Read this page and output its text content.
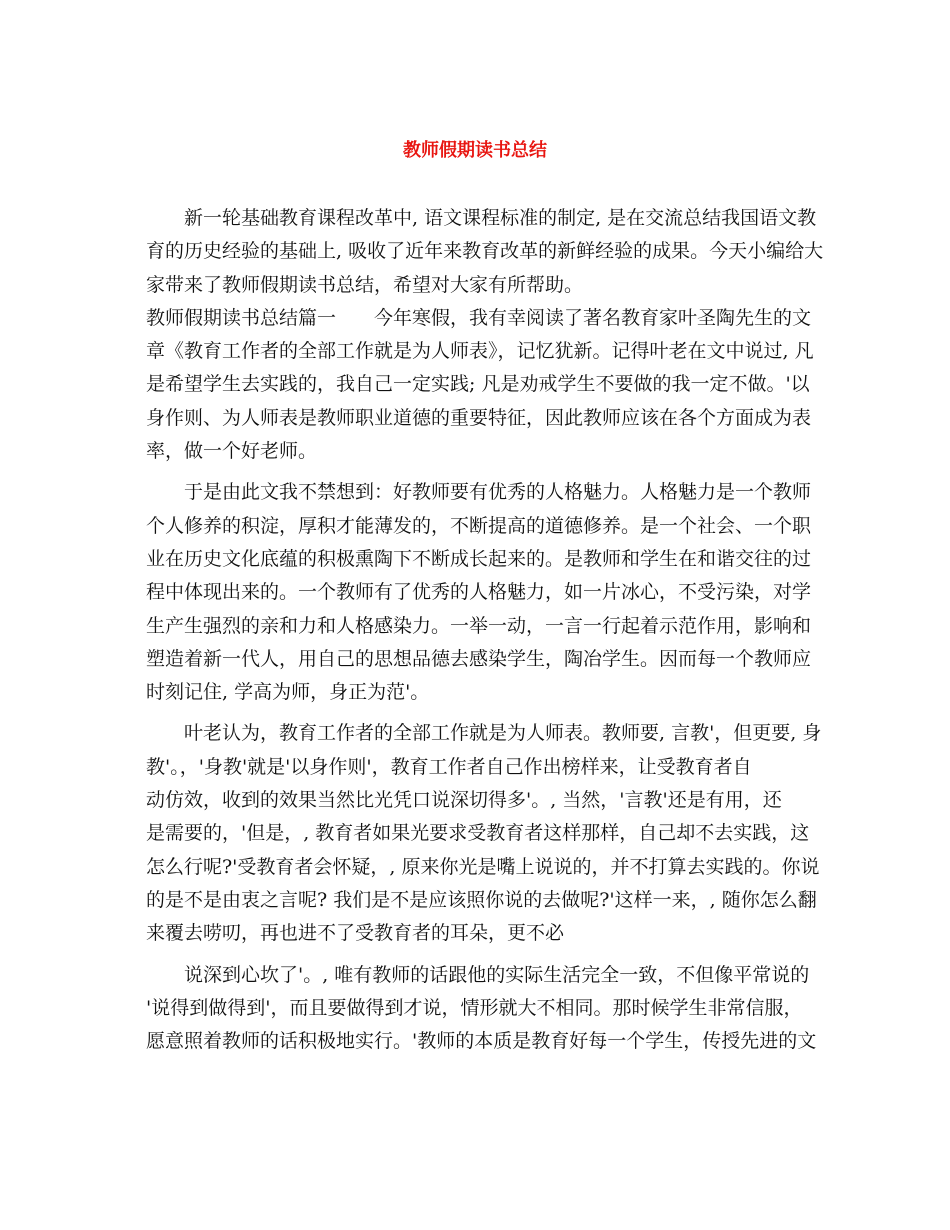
教师假期读书总结
新一轮基础教育课程改革中, 语文课程标准的制定, 是在交流总结我国语文教
育的历史经验的基础上, 吸收了近年来教育改革的新鲜经验的成果。今天小编给大
家带来了教师假期读书总结，希望对大家有所帮助。
教师假期读书总结篇一　　今年寒假，我有幸阅读了著名教育家叶圣陶先生的文
章《教育工作者的全部工作就是为人师表》，记忆犹新。记得叶老在文中说过, 凡
是希望学生去实践的，我自己一定实践; 凡是劝戒学生不要做的我一定不做。'以
身作则、为人师表是教师职业道德的重要特征，因此教师应该在各个方面成为表
率，做一个好老师。
于是由此文我不禁想到：好教师要有优秀的人格魅力。人格魅力是一个教师
个人修养的积淀，厚积才能薄发的，不断提高的道德修养。是一个社会、一个职
业在历史文化底蕴的积极熏陶下不断成长起来的。是教师和学生在和谐交往的过
程中体现出来的。一个教师有了优秀的人格魅力，如一片冰心，不受污染，对学
生产生强烈的亲和力和人格感染力。一举一动，一言一行起着示范作用，影响和
塑造着新一代人，用自己的思想品德去感染学生，陶冶学生。因而每一个教师应
时刻记住, 学高为师，身正为范'。
叶老认为，教育工作者的全部工作就是为人师表。教师要, 言教'，但更要, 身
教'。，'身教'就是'以身作则'，教育工作者自己作出榜样来，让受教育者自
动仿效，收到的效果当然比光凭口说深切得多'。, 当然，'言教'还是有用，还
是需要的，'但是，, 教育者如果光要求受教育者这样那样，自己却不去实践，这
怎么行呢?'受教育者会怀疑，, 原来你光是嘴上说说的，并不打算去实践的。你说
的是不是由衷之言呢? 我们是不是应该照你说的去做呢?'这样一来，, 随你怎么翻
来覆去唠叨，再也进不了受教育者的耳朵，更不必
说深到心坎了'。, 唯有教师的话跟他的实际生活完全一致，不但像平常说的
'说得到做得到'，而且要做得到才说，情形就大不相同。那时候学生非常信服，
愿意照着教师的话积极地实行。'教师的本质是教育好每一个学生，传授先进的文
